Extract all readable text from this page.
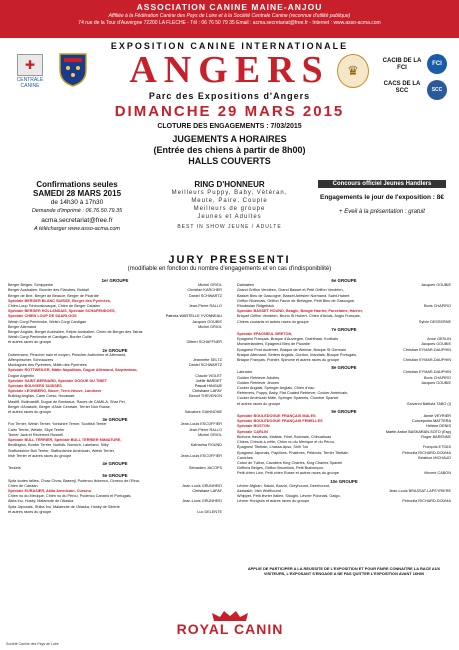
ASSOCIATION CANINE MAINE-ANJOU
Affiliée à la Fédération Canine des Pays de Loire et à la Société Centrale Canine (reconnue d'utilité publique)
74 rue de la Tour d'Auvergne 72200 LA FLECHE - Tél : 06 76 50 79 35 Email : acma.secretariat@free.fr - Internet : www.asso-acma.com
EXPOSITION CANINE INTERNATIONALE
✚
CENTRALE CANINE	ANGERS	♛
CACIB DE LA FCI
FCI
CACS DE LA SCC	SCC
Parc des Expositions d'Angers
DIMANCHE 29 MARS 2015
CLOTURE DES ENGAGEMENTS : 7/03/2015
JUGEMENTS A HORAIRES
(Entrée des chiens à partir de 8h00)
HALLS COUVERTS
Confirmations seules
SAMEDI 28 MARS 2015
de 14h30 à 17h30
Demande d'imprimé : 06.76.50.79.35
acma.secretariat@free.fr
A télécharger www.asso-acma.com
RING D'HONNEUR
Meilleurs Puppy, Baby, Vétéran,
Meute, Paire, Couple
Meilleurs de groupe
Jeunes et Adultes
BEST IN SHOW JEUNE / ADULTE
Concours officiel Jeunes Handlers
Engagements le jour de l'exposition : 8€
+ Eveil à la présentation : gratuit
JURY PRESSENTI
(modifiable en fonction du nombre d'engagements et en cas d'indisponibilité)
1er GROUPE
Berger Belges, Schipperke	Michel GRIOL
Berger Australien, Bouvier des Flandres, Bobtail	Christian KARCHER
Berger de Brie, Berger de Beauce, Berger de Picardie	Daniel SCHWARTZ
Spéciale BERGER BLANC SUISSE, Berger des Pyrénées,
Chien-Loup Tchécoslovaque, Chien de Berger Catalan	Jean-Pierre RALLO
Spéciale BERGER HOLLANDAIS, Spéciale SCHAPENDOES,
Spéciale CHIEN LOUP DE SAARLOOS	Patricia WARTELLE YVONNEAU
Welsh Corgi Pembroke, Welsh Corgi Cardigan	Jacques GOUBIE
Berger Allemand	Michel GRIOL
Berger Anglais, Berger Australien, Kelpie Australien, Chien de Berger des Tatras
Welsh Corgi Pembroke et Cardigan, Border Collie
et autres races du groupe	Gilbert SCHAFFNER
2e GROUPE
Dobermann, Pinscher nain et moyen, Pinscher Autrichien et Allemand,
Affenpinscher, Schnauzers	Jeannette SELTZ
Montagnes des Pyrénées, Mâtin des Pyrénées	Daniel SCHWARTZ
Spéciale ROTTWEILER, Mâtin Napolitain, Dogue Allemand, Sarplaninac,
Dogue Argentin	Claude VIOLET
Spéciale SAINT-BERNARD, Spéciale DOGUE DU TIBET	Joëlle BARDET
Spéciale BOUVIERS SUISSES	Pascal HINGUE
Spéciale LEONBERG, Boxer, Terre-Neuve, Landseer	Christiane LAFAY
Bulldog Anglais, Cane Corso, Hovawart	Benoit THEVENON
Mastiff, Bullmastiff, Dogue de Bordeaux, Races de CAMILA, Shar Pei,
Berger d'Anatolie, Berger d'Asie Centrale, Terrier Noir Russe,
et autres races du groupe	Salvatore GIANNONE
3e GROUPE
Fox Terrier, Welsh Terrier, Yorkshire Terrier, Scottish Terrier	Jean-Louis ESCOFFIER
Cairn Terrier, Westie, Skye Terrier	Jean-Pierre RALLO
Terrier Jack et Révérend Russell	Michel GRIOL
Spéciale BULL TERRIER, Spéciale BULL TERRIER MINIATURE,
Bedlington, Border Terrier, Norfolk, Norwich, Lakeland, Silky	Katharina ROUND
Staffordshire Bull Terrier, Staffordshire Américain, Welsh Terrier,
Irish Terrier et autres races du groupe	Jean-Louis ESCOFFIER
4e GROUPE
Teckels	Sébastien JACOPS
5e GROUPE
Spitz toutes tailles, Chow Chow, Basenji, Podenco Ibicenco, Cirneco de l'Etna,
Chien de Canaan	Jean-Louis GRUNHEID
Spéciale EURASIER, Akita Américain, Cursinu	Christiane LAFAY
Chien nu du Mexique, Chien nu du Pérou, Podenco Canario et Portugais,
Akita Inu, Husky, Malamute de l'Alaska	Jean-Louis GRUNHEID
Spitz Japonais, Shiba Inu, Malamute de l'Alaska, Husky de Sibérie
et autres races du groupe	Luc DELENTE
6e GROUPE
Dalmatien	Jacques GOUBIE
Grand Griffon Vendéen, Grand Basset et Petit Griffon Vendéen,
Basset Bleu de Gascogne, Basset Artésien Normand, Saint-Hubert
Griffon Nivernais, Griffon Fauve de Bretagne, Petit Bleu de Gascogne,
Rhodesian Ridgeback	Boris CHAPIRO
Spéciale BASSET HOUND, Beagle, Beagle Harrier, Porcelaine, Harrier,
Briquet Griffon Vendéen, Bruno St Hubert, Chien d'Artois, Anglo Français,
Chiens courants et autres races du groupe	Sylvie DESSERNE
7e GROUPE
Spéciale EPAGNEUL BRETON,
Epagneul Français, Braque d'Auvergne, Drahthaar, Korthals	Anne GESLIN
Munsterlanders, Epagneul Bleu de Picardie	Jacques GOUBIE
Epagneul Pont Audemer, Braque de Weimar, Braque St Germain	Christian EYMAR-DAUPHIN
Braque Allemand, Setters Anglais, Gordon, Irlandais, Braque Portugais,
Braque Français, Pointer, Spinone et autres races du groupe	Christian EYMAR-DAUPHIN
8e GROUPE
Labrador	Christian EYMAR-DAUPHIN
Golden Retriever Adultes	Boris CHAPIRO
Golden Retriever Jeunes	Jacques GOUBIE
Cocker Anglais, Springer Anglais, Chien d'eau
Retrievers, Puppy, Baby, Flat Coated Retriever, Cocker Américain,
Cocker Américain Mâle, Springer Spaniels, Clumber Spaniel
et autres races du groupe	Giovanni Battista TABO (I)
9e GROUPE
Spéciale BOULEDOGUE FRANÇAIS MALES	Annie VEYRIER
Spéciale BOULEDOGUE FRANÇAIS FEMELLES	Concepción MATTERA
Spéciale BOSTON	Hélène DENIS
Spéciale CARLIN	Martin Anton BASKARAN-SOTO (Esp)
Bichons Havanais, Maltais, Frisé, Bolonais, Chihuahuas	Roger BARENNE
Chiens Chinois à crête, Chien nu du Mexique et du Pérou,
Epagneul Tibétain, Lhassa Apso, Shih Tzu	François ETSAS
Epagneul Japonais, Papillons, Phalènes, Pékinois, Terrier Tibétain	Petronila RICHARD-DOUMA
Caniches	Béatrice MICHAUD
Coton de Tuléar, Cavaliers King Charles, King Charles Spaniel
Griffons Belges, Griffon Bruxellois, Petit Brabançon,
Petit chien Lion, Petit chien Russe et autres races du groupe	Vincent CABON
10e GROUPE
Lévrier Afghan, Saluki, Barzoï, Greyhound, Deerhound,
Azawakh, Irish Wolfhound	Jean-Louis BRASSAT-LAPEYRIERE
Whippet, Petit lévrier Italien, Sloughi, Lévrier Polonais, Galgo,
Lévrier Hongrois et autres races du groupe	Petronila RICHARD-DOUMA
APPLIE DE PARTICIPER A LA REUSSITE DE L'EXPOSITION ET POUR FAIRE CONNAITRE LA RACE AUX VISITEURS, L'EXPOSANT S'ENGAGE A NE PAS QUITTER L'EXPOSITION AVANT 16H00
ROYAL CANIN
Société Canine des Pays de Loire
